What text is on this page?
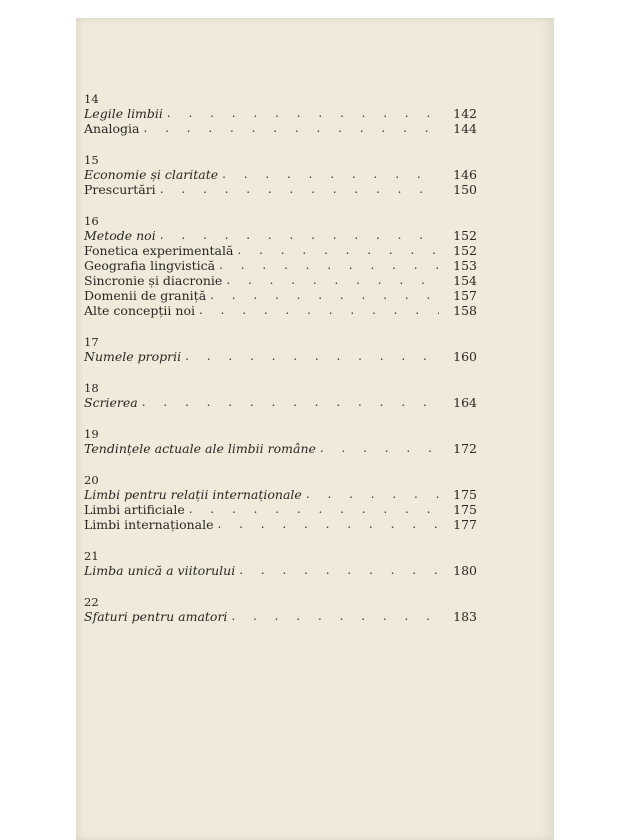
14
Legile limbii . . .	142
Analogia . . .	144
15
Economie și claritate . . .	146
Prescurtări . . .	150
16
Metode noi . . .	152
Fonetica experimentală . . .	152
Geografia lingvistică . . .	153
Sincronie și diacronie . . .	154
Domenii de graniță . . .	157
Alte concepții noi . . .	158
17
Numele proprii . . .	160
18
Scrierea . . .	164
19
Tendințele actuale ale limbii române . . .	172
20
Limbi pentru relații internaționale . . .	175
Limbi artificiale . . .	175
Limbi internaționale . . .	177
21
Limba unică a viitorului . . .	180
22
Sfaturi pentru amatori . . .	183
